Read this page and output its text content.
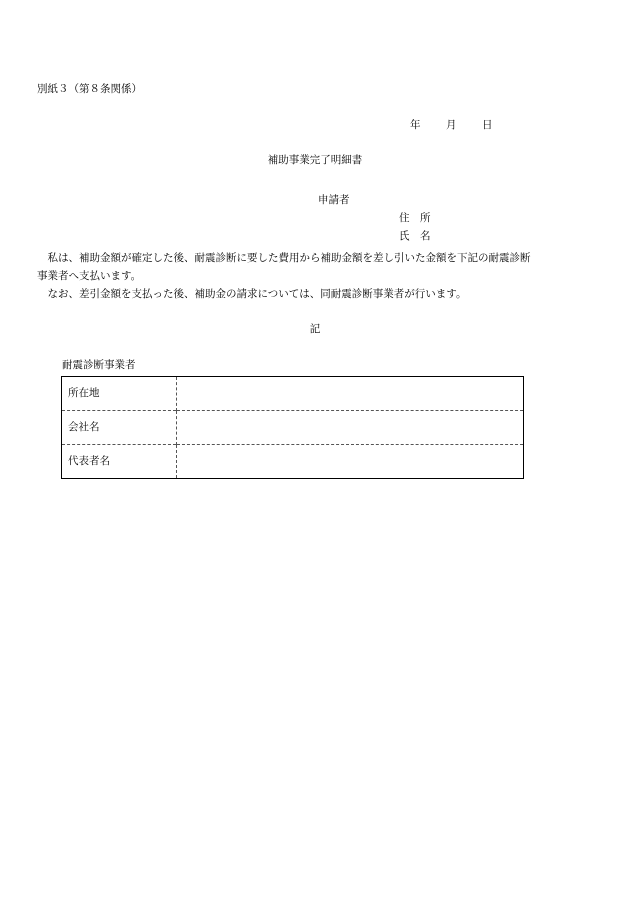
別紙３（第８条関係）
年 月 日
補助事業完了明細書
申請者
住　所
氏　名

私は、補助金額が確定した後、耐震診断に要した費用から補助金額を差し引いた金額を下記の耐震診断

事業者へ支払います。

なお、差引金額を支払った後、補助金の請求については、同耐震診断事業者が行います。

記
耐震診断事業者
所在地	
会社名	
代表者名	
